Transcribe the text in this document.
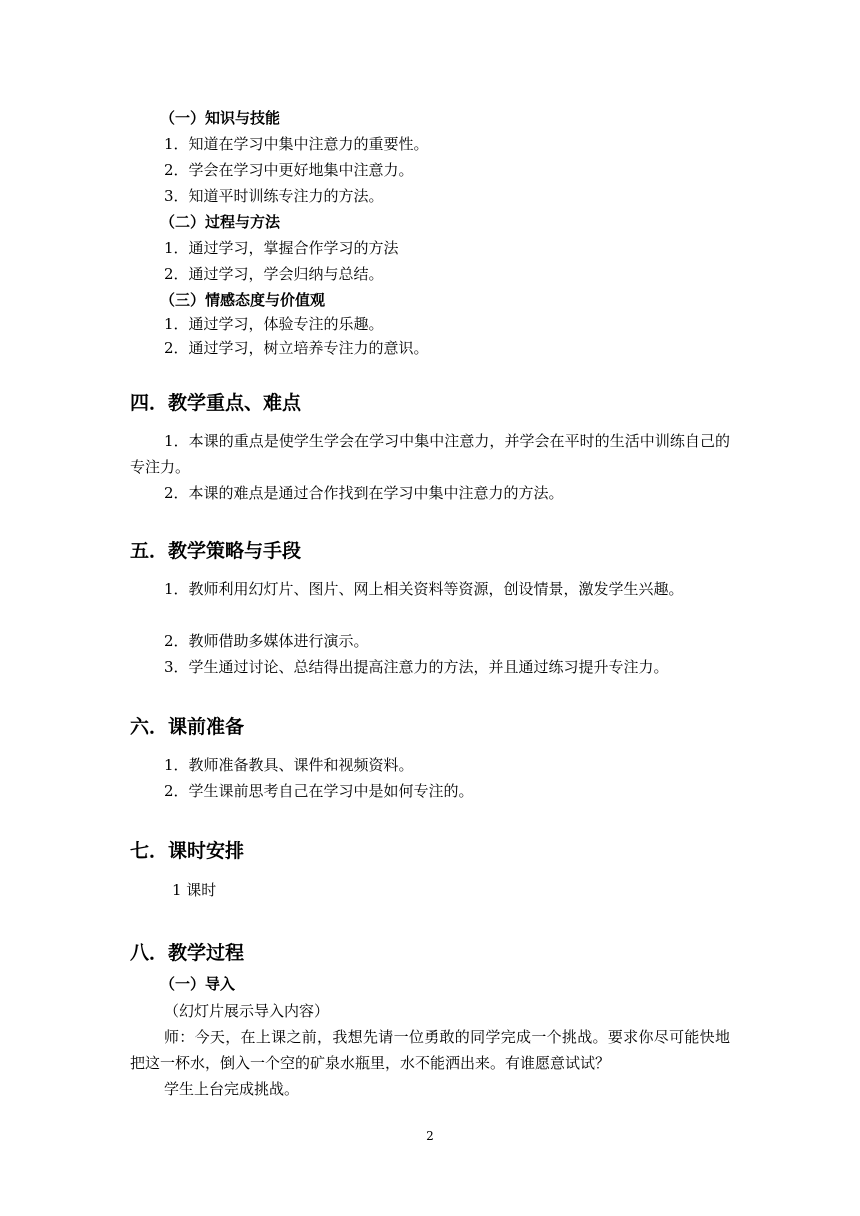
（一）知识与技能
1．知道在学习中集中注意力的重要性。
2．学会在学习中更好地集中注意力。
3．知道平时训练专注力的方法。
（二）过程与方法
1．通过学习，掌握合作学习的方法
2．通过学习，学会归纳与总结。
（三）情感态度与价值观
1．通过学习，体验专注的乐趣。
2．通过学习，树立培养专注力的意识。
四．教学重点、难点
1．本课的重点是使学生学会在学习中集中注意力，并学会在平时的生活中训练自己的专注力。
2．本课的难点是通过合作找到在学习中集中注意力的方法。
五．教学策略与手段
1．教师利用幻灯片、图片、网上相关资料等资源，创设情景，激发学生兴趣。
2．教师借助多媒体进行演示。
3．学生通过讨论、总结得出提高注意力的方法，并且通过练习提升专注力。
六．课前准备
1．教师准备教具、课件和视频资料。
2．学生课前思考自己在学习中是如何专注的。
七．课时安排
1 课时
八．教学过程
（一）导入
（幻灯片展示导入内容）
师：今天，在上课之前，我想先请一位勇敢的同学完成一个挑战。要求你尽可能快地把这一杯水，倒入一个空的矿泉水瓶里，水不能洒出来。有谁愿意试试？
学生上台完成挑战。
2
